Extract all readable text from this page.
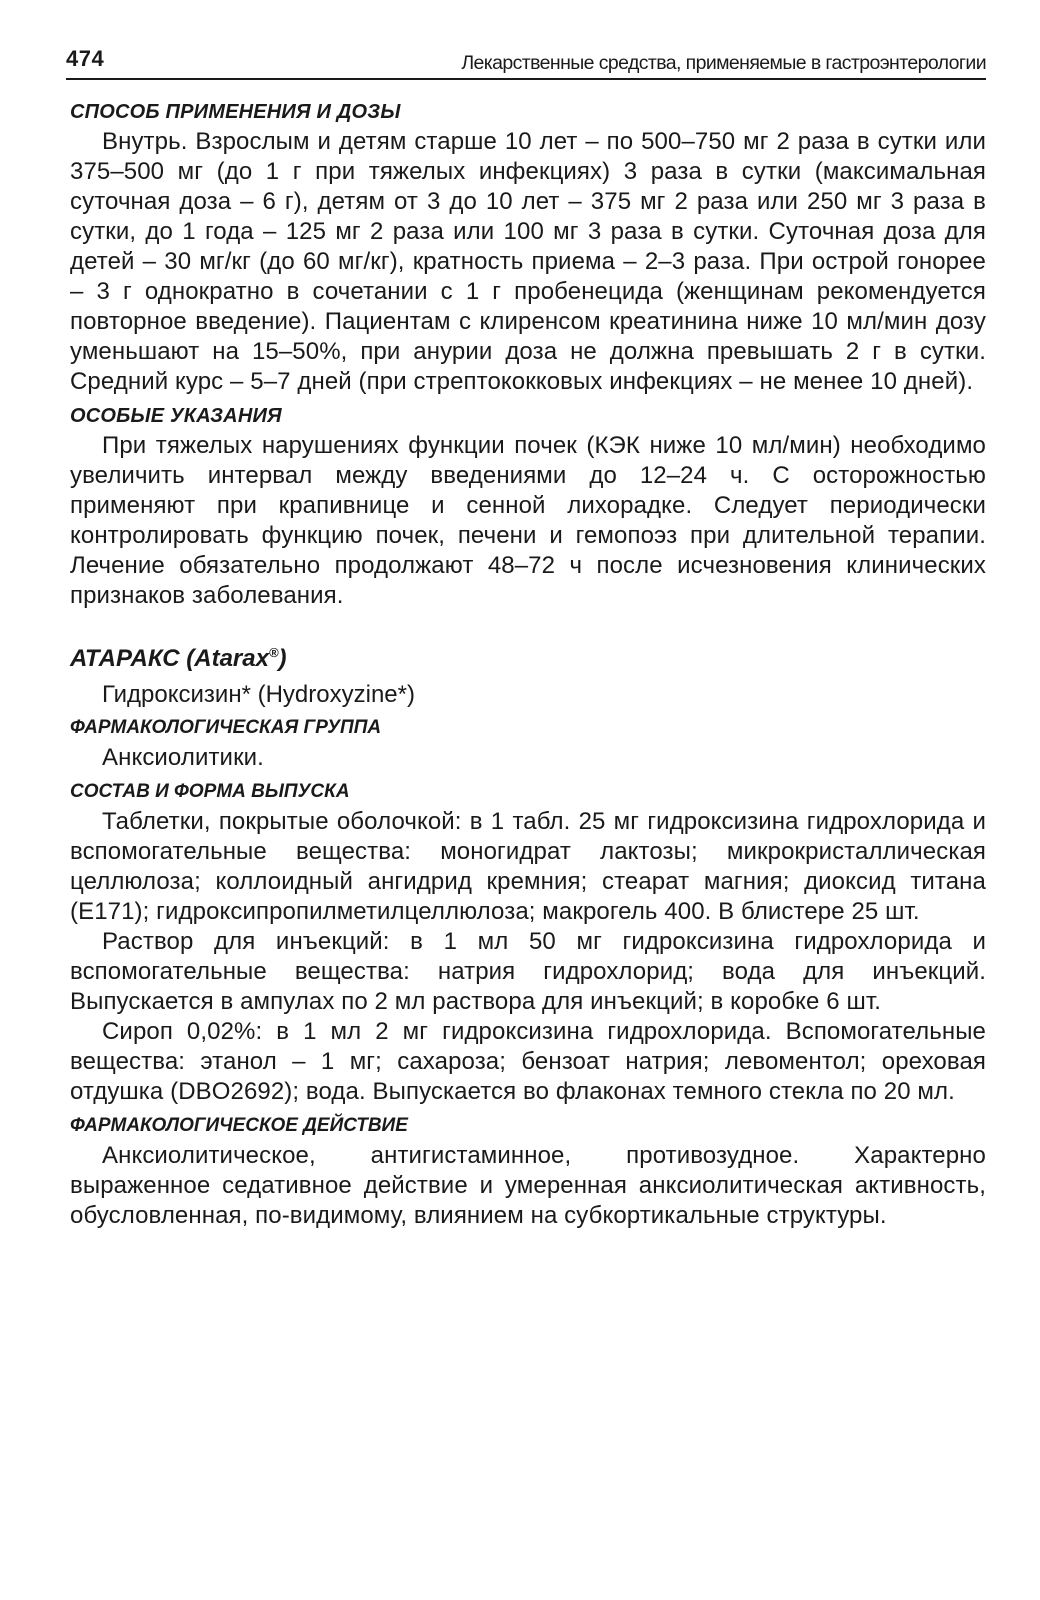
474	Лекарственные средства, применяемые в гастроэнтерологии
СПОСОБ ПРИМЕНЕНИЯ И ДОЗЫ

Внутрь. Взрослым и детям старше 10 лет – по 500–750 мг 2 раза в сутки или 375–500 мг (до 1 г при тяжелых инфекциях) 3 раза в сутки (максимальная суточная доза – 6 г), детям от 3 до 10 лет – 375 мг 2 раза или 250 мг 3 раза в сутки, до 1 года – 125 мг 2 раза или 100 мг 3 раза в сутки. Суточная доза для детей – 30 мг/кг (до 60 мг/кг), кратность приема – 2–3 раза. При острой гонорее – 3 г однократно в сочетании с 1 г пробенецида (женщинам рекомендуется повторное введение). Пациентам с клиренсом креатинина ниже 10 мл/мин дозу уменьшают на 15–50%, при анурии доза не должна превышать 2 г в сутки. Средний курс – 5–7 дней (при стрептококковых инфекциях – не менее 10 дней).

ОСОБЫЕ УКАЗАНИЯ

При тяжелых нарушениях функции почек (КЭК ниже 10 мл/мин) необходимо увеличить интервал между введениями до 12–24 ч. С осторожностью применяют при крапивнице и сенной лихорадке. Следует периодически контролировать функцию почек, печени и гемопоэз при длительной терапии. Лечение обязательно продолжают 48–72 ч после исчезновения клинических признаков заболевания.

АТАРАКС (Atarax®)

Гидроксизин* (Hydroxyzine*)

ФАРМАКОЛОГИЧЕСКАЯ ГРУППА

Анксиолитики.

СОСТАВ И ФОРМА ВЫПУСКА

Таблетки, покрытые оболочкой: в 1 табл. 25 мг гидроксизина гидрохлорида и вспомогательные вещества: моногидрат лактозы; микрокристаллическая целлюлоза; коллоидный ангидрид кремния; стеарат магния; диоксид титана (E171); гидроксипропилметилцеллюлоза; макрогель 400. В блистере 25 шт.

Раствор для инъекций: в 1 мл 50 мг гидроксизина гидрохлорида и вспомогательные вещества: натрия гидрохлорид; вода для инъекций. Выпускается в ампулах по 2 мл раствора для инъекций; в коробке 6 шт.

Сироп 0,02%: в 1 мл 2 мг гидроксизина гидрохлорида. Вспомогательные вещества: этанол – 1 мг; сахароза; бензоат натрия; левоментол; ореховая отдушка (DBO2692); вода. Выпускается во флаконах темного стекла по 20 мл.

ФАРМАКОЛОГИЧЕСКОЕ ДЕЙСТВИЕ

Анксиолитическое, антигистаминное, противозудное. Характерно выраженное седативное действие и умеренная анксиолитическая активность, обусловленная, по-видимому, влиянием на субкортикальные структуры.
